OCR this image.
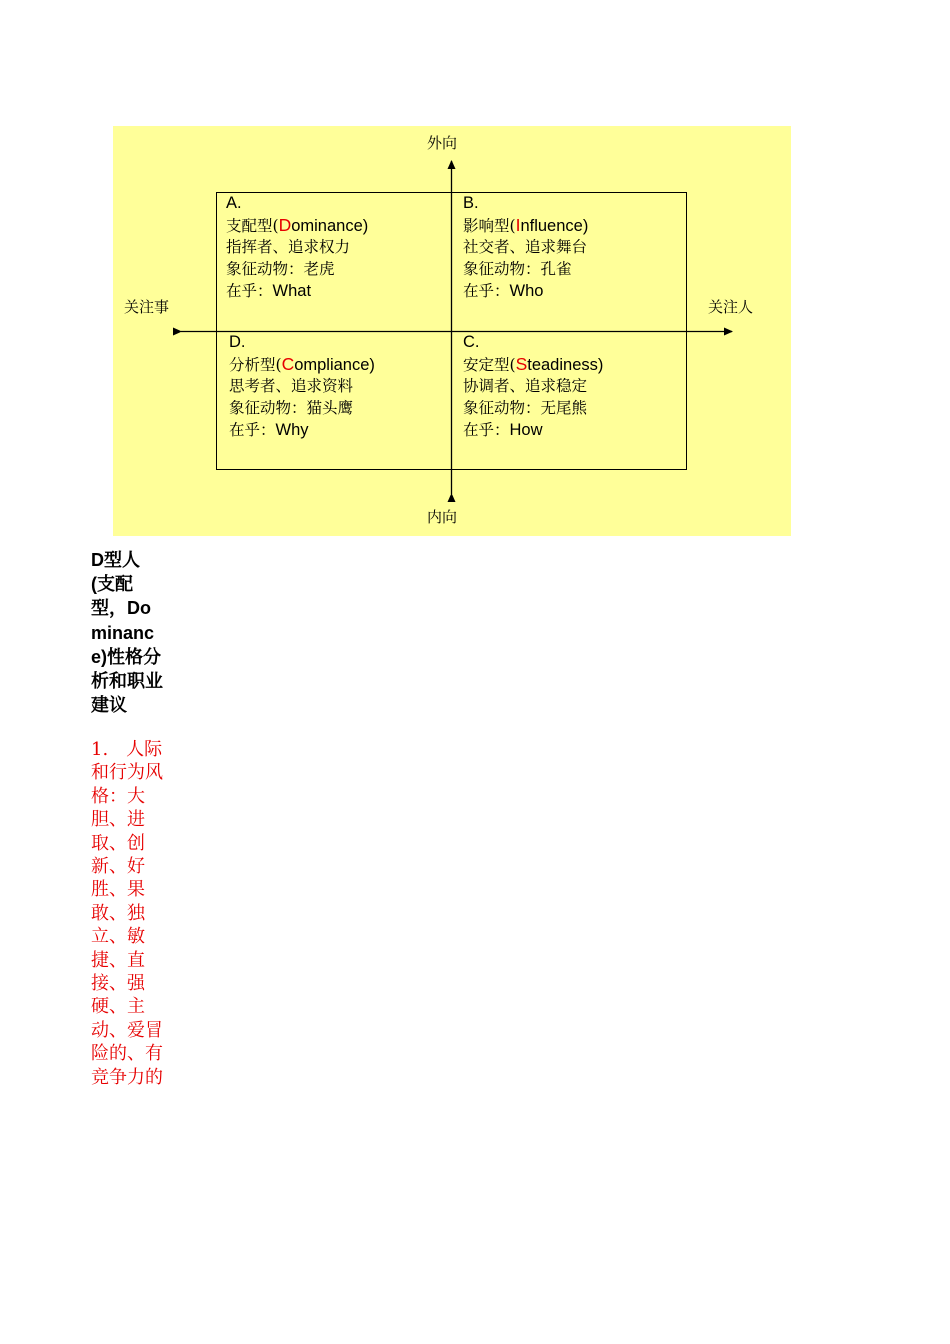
外向
内向
关注事	关注人
A.
支配型(Dominance)
指挥者、追求权力
象征动物：老虎
在乎：What
B.
影响型(Influence)
社交者、追求舞台
象征动物：孔雀
在乎：Who
D.
分析型(Compliance)
思考者、追求资料
象征动物：猫头鹰
在乎：Why
C.
安定型(Steadiness)
协调者、追求稳定
象征动物：无尾熊
在乎：How
D型人(支配型，Dominance)性格分析和职业建议
1.　人际和行为风格：大胆、进取、创新、好胜、果敢、独立、敏捷、直接、强硬、主动、爱冒险的、有竞争力的
